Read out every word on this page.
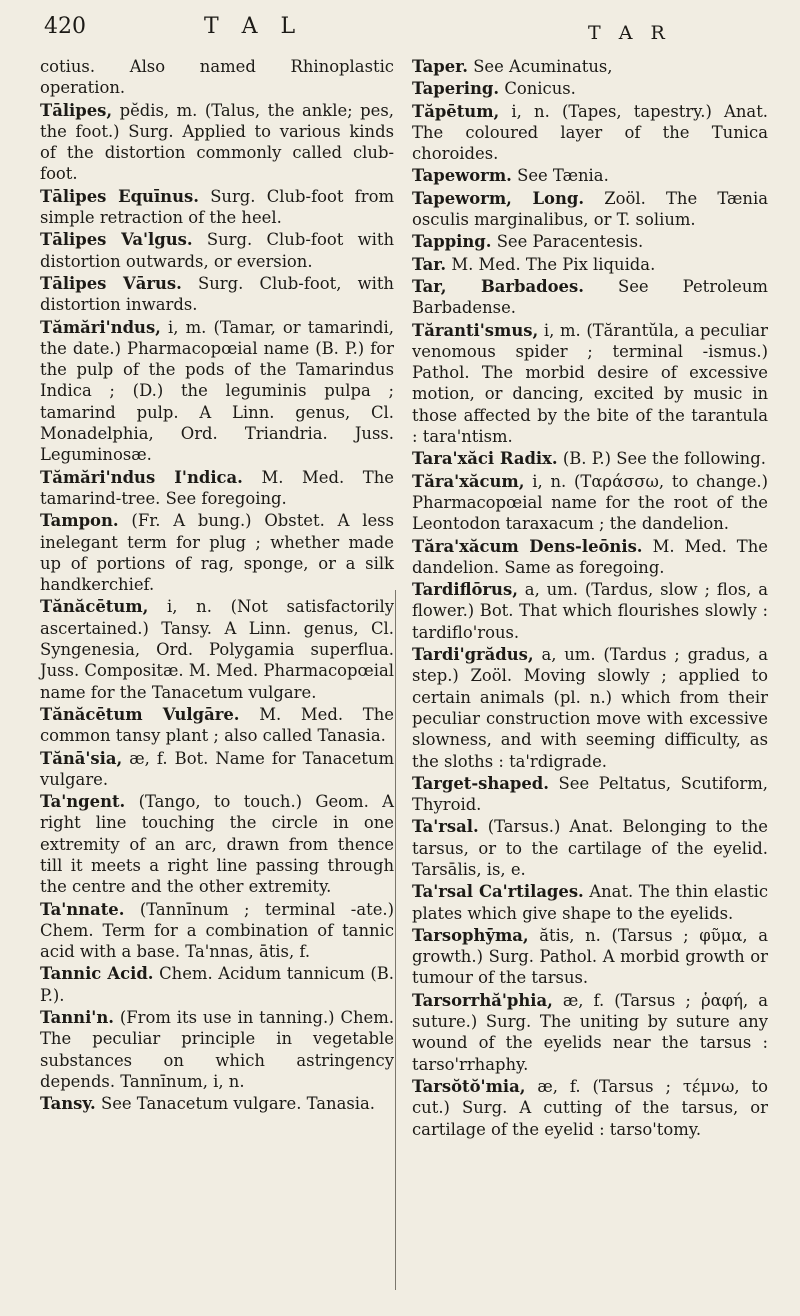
420	T A L	T A R
cotius. Also named Rhinoplastic operation.
Tālipes, pĕdis, m. (Talus, the ankle; pes, the foot.) Surg. Applied to various kinds of the distortion commonly called club-foot.
Tālipes Equīnus. Surg. Club-foot from simple retraction of the heel.
Tālipes Va'lgus. Surg. Club-foot with distortion outwards, or eversion.
Tālipes Vārus. Surg. Club-foot, with distortion inwards.
Tămări'ndus, i, m. (Tamar, or tamarindi, the date.) Pharmacopœial name (B. P.) for the pulp of the pods of the Tamarindus Indica ; (D.) the leguminis pulpa ; tamarind pulp. A Linn. genus, Cl. Monadelphia, Ord. Triandria. Juss. Leguminosæ.
Tămări'ndus I'ndica. M. Med. The tamarind-tree. See foregoing.
Tampon. (Fr. A bung.) Obstet. A less inelegant term for plug ; whether made up of portions of rag, sponge, or a silk handkerchief.
Tănăcētum, i, n. (Not satisfactorily ascertained.) Tansy. A Linn. genus, Cl. Syngenesia, Ord. Polygamia superflua. Juss. Compositæ. M. Med. Pharmacopœial name for the Tanacetum vulgare.
Tănăcētum Vulgāre. M. Med. The common tansy plant ; also called Tanasia.
Tănā'sia, æ, f. Bot. Name for Tanacetum vulgare.
Ta'ngent. (Tango, to touch.) Geom. A right line touching the circle in one extremity of an arc, drawn from thence till it meets a right line passing through the centre and the other extremity.
Ta'nnate. (Tannīnum ; terminal -ate.) Chem. Term for a combination of tannic acid with a base. Ta'nnas, ātis, f.
Tannic Acid. Chem. Acidum tannicum (B. P.).
Tanni'n. (From its use in tanning.) Chem. The peculiar principle in vegetable substances on which astringency depends. Tannīnum, i, n.
Tansy. See Tanacetum vulgare. Tanasia.
Taper. See Acuminatus,
Tapering. Conicus.
Tăpētum, i, n. (Tapes, tapestry.) Anat. The coloured layer of the Tunica choroides.
Tapeworm. See Tænia.
Tapeworm, Long. Zoöl. The Tænia osculis marginalibus, or T. solium.
Tapping. See Paracentesis.
Tar. M. Med. The Pix liquida.
Tar, Barbadoes. See Petroleum Barbadense.
Tăranti'smus, i, m. (Tărantŭla, a peculiar venomous spider ; terminal -ismus.) Pathol. The morbid desire of excessive motion, or dancing, excited by music in those affected by the bite of the tarantula : tara'ntism.
Tara'xăci Radix. (B. P.) See the following.
Tăra'xăcum, i, n. (Ταράσσω, to change.) Pharmacopœial name for the root of the Leontodon taraxacum ; the dandelion.
Tăra'xăcum Dens-leōnis. M. Med. The dandelion. Same as foregoing.
Tardiflōrus, a, um. (Tardus, slow ; flos, a flower.) Bot. That which flourishes slowly : tardiflo'rous.
Tardi'grădus, a, um. (Tardus ; gradus, a step.) Zoöl. Moving slowly ; applied to certain animals (pl. n.) which from their peculiar construction move with excessive slowness, and with seeming difficulty, as the sloths : ta'rdigrade.
Target-shaped. See Peltatus, Scutiform, Thyroid.
Ta'rsal. (Tarsus.) Anat. Belonging to the tarsus, or to the cartilage of the eyelid. Tarsālis, is, e.
Ta'rsal Ca'rtilages. Anat. The thin elastic plates which give shape to the eyelids.
Tarsophȳma, ătis, n. (Tarsus ; φῦμα, a growth.) Surg. Pathol. A morbid growth or tumour of the tarsus.
Tarsorrhă'phia, æ, f. (Tarsus ; ῥαφή, a suture.) Surg. The uniting by suture any wound of the eyelids near the tarsus : tarso'rrhaphy.
Tarsŏtŏ'mia, æ, f. (Tarsus ; τέμνω, to cut.) Surg. A cutting of the tarsus, or cartilage of the eyelid : tarso'tomy.
